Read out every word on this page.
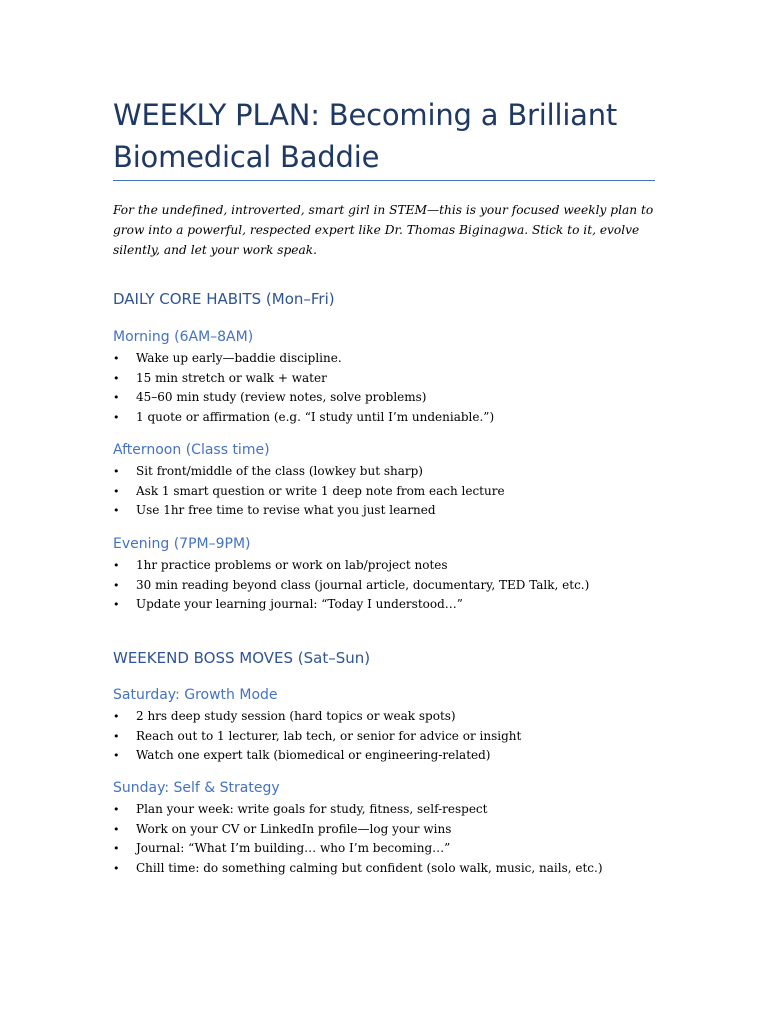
WEEKLY PLAN: Becoming a Brilliant Biomedical Baddie

For the undefined, introverted, smart girl in STEM—this is your focused weekly plan to grow into a powerful, respected expert like Dr. Thomas Biginagwa. Stick to it, evolve silently, and let your work speak.

DAILY CORE HABITS (Mon–Fri)
Morning (6AM–8AM)
• Wake up early—baddie discipline.
• 15 min stretch or walk + water
• 45–60 min study (review notes, solve problems)
• 1 quote or affirmation (e.g. “I study until I’m undeniable.”)
Afternoon (Class time)
• Sit front/middle of the class (lowkey but sharp)
• Ask 1 smart question or write 1 deep note from each lecture
• Use 1hr free time to revise what you just learned
Evening (7PM–9PM)
• 1hr practice problems or work on lab/project notes
• 30 min reading beyond class (journal article, documentary, TED Talk, etc.)
• Update your learning journal: “Today I understood…”
WEEKEND BOSS MOVES (Sat–Sun)
Saturday: Growth Mode
• 2 hrs deep study session (hard topics or weak spots)
• Reach out to 1 lecturer, lab tech, or senior for advice or insight
• Watch one expert talk (biomedical or engineering-related)
Sunday: Self & Strategy
• Plan your week: write goals for study, fitness, self-respect
• Work on your CV or LinkedIn profile—log your wins
• Journal: “What I’m building… who I’m becoming…”
• Chill time: do something calming but confident (solo walk, music, nails, etc.)
